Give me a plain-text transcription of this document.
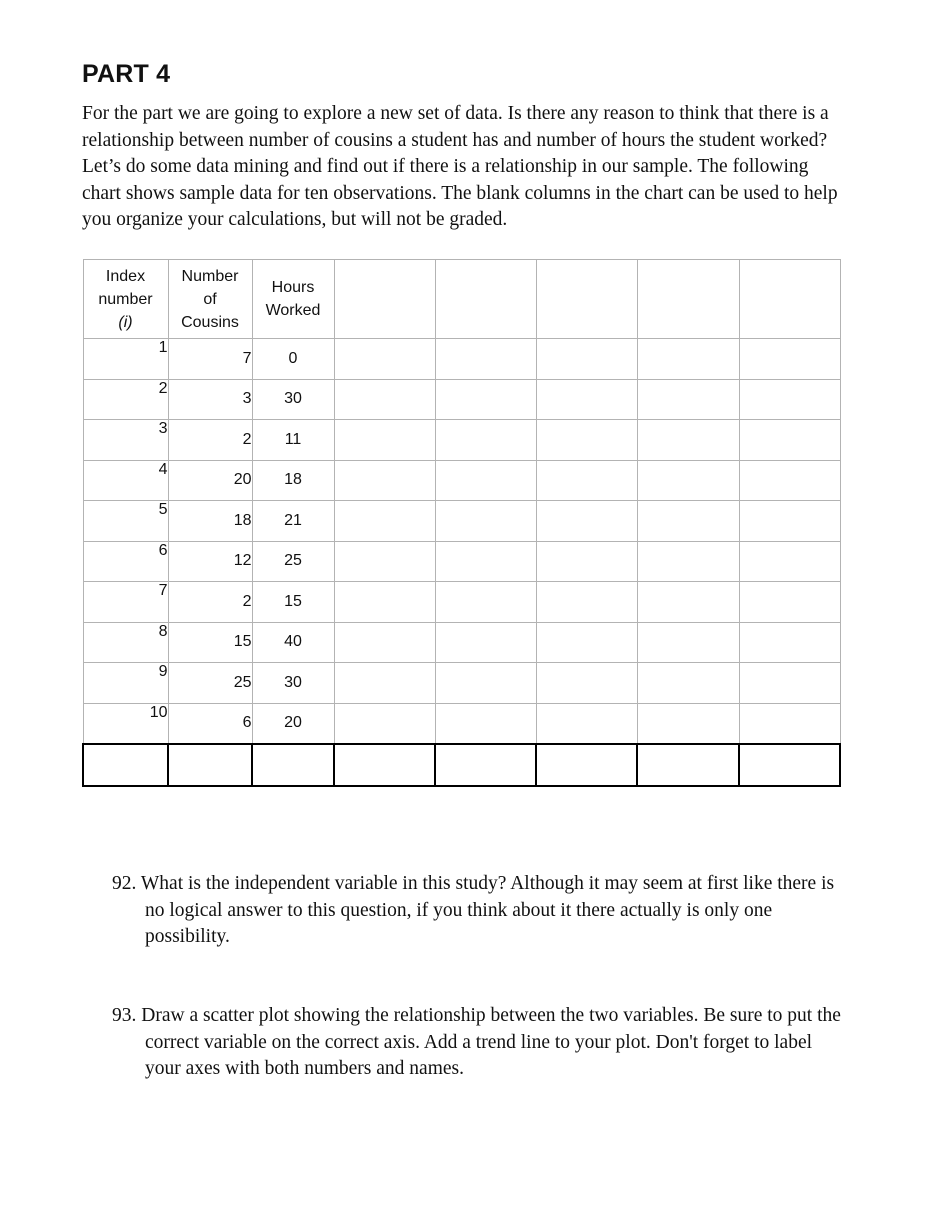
PART 4

For the part we are going to explore a new set of data. Is there any reason to think that there is a relationship between number of cousins a student has and number of hours the student worked? Let’s do some data mining and find out if there is a relationship in our sample. The following chart shows sample data for ten observations. The blank columns in the chart can be used to help you organize your calculations, but will not be graded.

Index
number
(i)	Number
of
Cousins	Hours
Worked					

1	7	0					
2	3	30					
3	2	11					
4	20	18					
5	18	21					
6	12	25					
7	2	15					
8	15	40					
9	25	30					
10	6	20					

92. What is the independent variable in this study? Although it may seem at first like there is no logical answer to this question, if you think about it there actually is only one possibility.

93. Draw a scatter plot showing the relationship between the two variables. Be sure to put the correct variable on the correct axis. Add a trend line to your plot. Don't forget to label your axes with both numbers and names.
